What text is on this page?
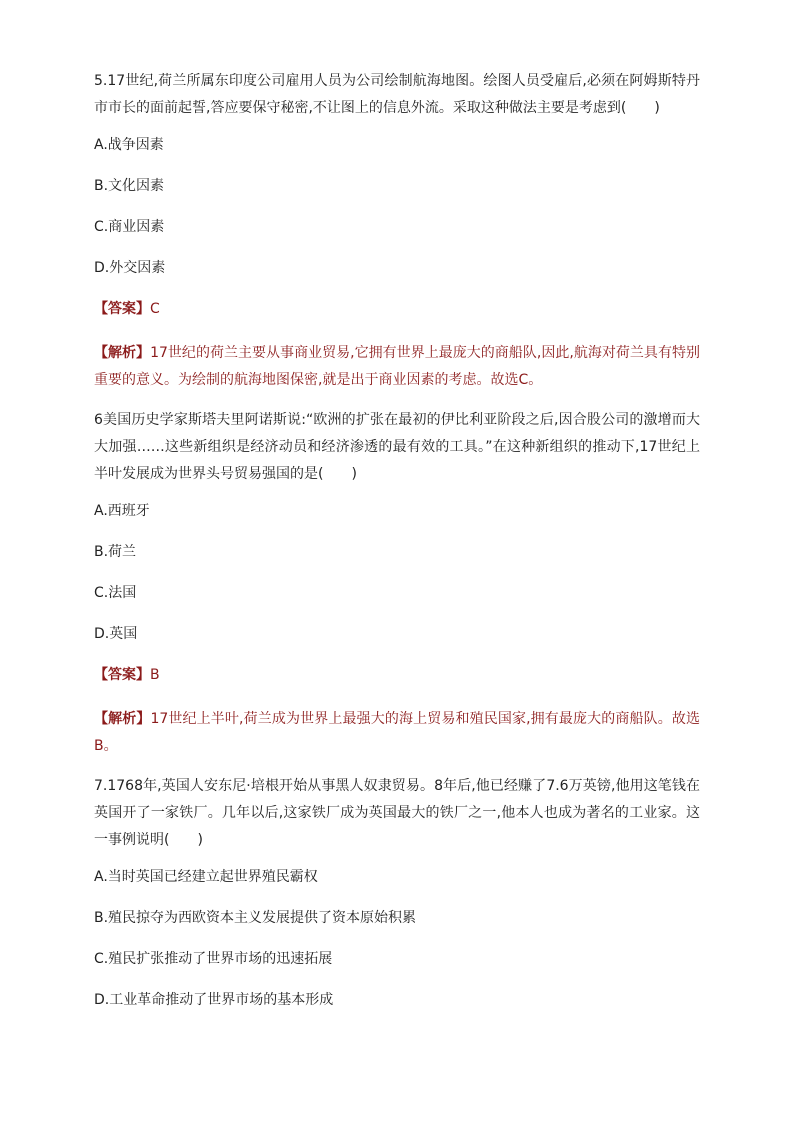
5.17世纪,荷兰所属东印度公司雇用人员为公司绘制航海地图。绘图人员受雇后,必须在阿姆斯特丹市市长的面前起誓,答应要保守秘密,不让图上的信息外流。采取这种做法主要是考虑到(　　)

A.战争因素

B.文化因素

C.商业因素

D.外交因素

【答案】C

【解析】17世纪的荷兰主要从事商业贸易,它拥有世界上最庞大的商船队,因此,航海对荷兰具有特别重要的意义。为绘制的航海地图保密,就是出于商业因素的考虑。故选C。

6美国历史学家斯塔夫里阿诺斯说:“欧洲的扩张在最初的伊比利亚阶段之后,因合股公司的激增而大大加强……这些新组织是经济动员和经济渗透的最有效的工具。”在这种新组织的推动下,17世纪上半叶发展成为世界头号贸易强国的是(　　)

A.西班牙

B.荷兰

C.法国

D.英国

【答案】B

【解析】17世纪上半叶,荷兰成为世界上最强大的海上贸易和殖民国家,拥有最庞大的商船队。故选B。

7.1768年,英国人安东尼·培根开始从事黑人奴隶贸易。8年后,他已经赚了7.6万英镑,他用这笔钱在英国开了一家铁厂。几年以后,这家铁厂成为英国最大的铁厂之一,他本人也成为著名的工业家。这一事例说明(　　)

A.当时英国已经建立起世界殖民霸权

B.殖民掠夺为西欧资本主义发展提供了资本原始积累

C.殖民扩张推动了世界市场的迅速拓展

D.工业革命推动了世界市场的基本形成
